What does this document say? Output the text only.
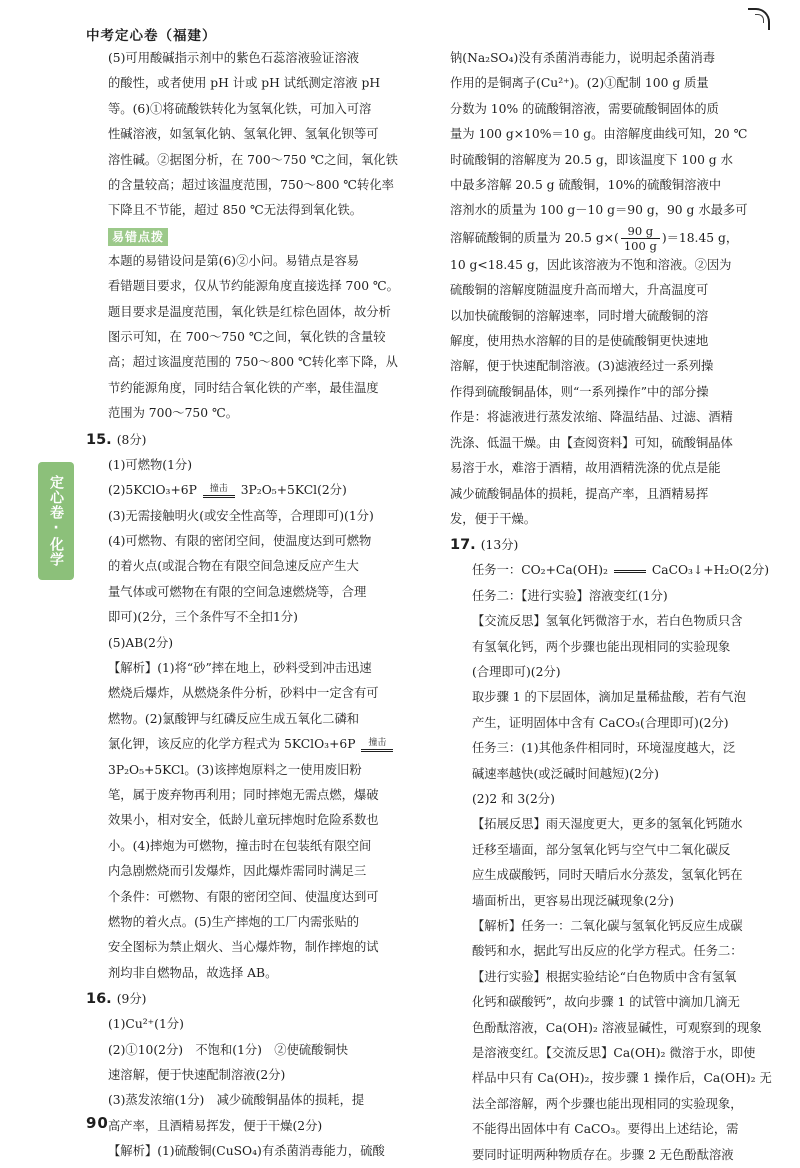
中考定心卷（福建）
定心卷·化学
(5)可用酸碱指示剂中的紫色石蕊溶液验证溶液
的酸性，或者使用 pH 计或 pH 试纸测定溶液 pH
等。(6)①将硫酸铁转化为氢氧化铁，可加入可溶
性碱溶液，如氢氧化钠、氢氧化钾、氢氧化钡等可
溶性碱。②据图分析，在 700～750 ℃之间，氧化铁
的含量较高；超过该温度范围，750～800 ℃转化率
下降且不节能，超过 850 ℃无法得到氧化铁。
易错点拨
本题的易错设问是第(6)②小问。易错点是容易
看错题目要求，仅从节约能源角度直接选择 700 ℃。
题目要求是温度范围，氧化铁是红棕色固体，故分析
图示可知，在 700～750 ℃之间，氧化铁的含量较
高；超过该温度范围的 750～800 ℃转化率下降，从
节约能源角度，同时结合氧化铁的产率，最佳温度
范围为 700～750 ℃。
15. (8分)
(1)可燃物(1分)
(2)5KClO₃+6P	撞击	3P₂O₅+5KCl(2分)
(3)无需接触明火(或安全性高等，合理即可)(1分)
(4)可燃物、有限的密闭空间，使温度达到可燃物
的着火点(或混合物在有限空间急速反应产生大
量气体或可燃物在有限的空间急速燃烧等，合理
即可)(2分，三个条件写不全扣1分)
(5)AB(2分)
【解析】(1)将“砂”摔在地上，砂料受到冲击迅速
燃烧后爆炸，从燃烧条件分析，砂料中一定含有可
燃物。(2)氯酸钾与红磷反应生成五氧化二磷和
氯化钾，该反应的化学方程式为 5KClO₃+6P	撞击
3P₂O₅+5KCl。(3)该摔炮原料之一使用废旧粉
笔，属于废弃物再利用；同时摔炮无需点燃，爆破
效果小，相对安全，低龄儿童玩摔炮时危险系数也
小。(4)摔炮为可燃物，撞击时在包装纸有限空间
内急剧燃烧而引发爆炸，因此爆炸需同时满足三
个条件：可燃物、有限的密闭空间、使温度达到可
燃物的着火点。(5)生产摔炮的工厂内需张贴的
安全图标为禁止烟火、当心爆炸物，制作摔炮的试
剂均非自燃物品，故选择 AB。
16. (9分)
(1)Cu²⁺(1分)
(2)①10(2分)　不饱和(1分)　②使硫酸铜快
速溶解，便于快速配制溶液(2分)
(3)蒸发浓缩(1分)　减少硫酸铜晶体的损耗，提
高产率，且酒精易挥发，便于干燥(2分)
【解析】(1)硫酸铜(CuSO₄)有杀菌消毒能力，硫酸
钠(Na₂SO₄)没有杀菌消毒能力，说明起杀菌消毒
作用的是铜离子(Cu²⁺)。(2)①配制 100 g 质量
分数为 10% 的硫酸铜溶液，需要硫酸铜固体的质
量为 100 g×10%＝10 g。由溶解度曲线可知，20 ℃
时硫酸铜的溶解度为 20.5 g，即该温度下 100 g 水
中最多溶解 20.5 g 硫酸铜，10%的硫酸铜溶液中
溶剂水的质量为 100 g－10 g＝90 g，90 g 水最多可
溶解硫酸铜的质量为 20.5 $g\times( \frac{90 g}{100 g} )=18.45$ g，
10 g<18.45 g，因此该溶液为不饱和溶液。②因为
硫酸铜的溶解度随温度升高而增大，升高温度可
以加快硫酸铜的溶解速率，同时增大硫酸铜的溶
解度，使用热水溶解的目的是使硫酸铜更快速地
溶解，便于快速配制溶液。(3)滤液经过一系列操
作得到硫酸铜晶体，则“一系列操作”中的部分操
作是：将滤液进行蒸发浓缩、降温结晶、过滤、酒精
洗涤、低温干燥。由【查阅资料】可知，硫酸铜晶体
易溶于水，难溶于酒精，故用酒精洗涤的优点是能
减少硫酸铜晶体的损耗，提高产率，且酒精易挥
发，便于干燥。
17. (13分)
任务一：CO₂+Ca(OH)₂	CaCO₃↓+H₂O(2分)
任务二：【进行实验】溶液变红(1分)
【交流反思】氢氧化钙微溶于水，若白色物质只含
有氢氧化钙，两个步骤也能出现相同的实验现象
(合理即可)(2分)
取步骤 1 的下层固体，滴加足量稀盐酸，若有气泡
产生，证明固体中含有 CaCO₃(合理即可)(2分)
任务三：(1)其他条件相同时，环境湿度越大，泛
碱速率越快(或泛碱时间越短)(2分)
(2)2 和 3(2分)
【拓展反思】雨天湿度更大，更多的氢氧化钙随水
迁移至墙面，部分氢氧化钙与空气中二氧化碳反
应生成碳酸钙，同时天晴后水分蒸发，氢氧化钙在
墙面析出，更容易出现泛碱现象(2分)
【解析】任务一：二氧化碳与氢氧化钙反应生成碳
酸钙和水，据此写出反应的化学方程式。任务二：
【进行实验】根据实验结论“白色物质中含有氢氧
化钙和碳酸钙”，故向步骤 1 的试管中滴加几滴无
色酚酞溶液，Ca(OH)₂ 溶液显碱性，可观察到的现象
是溶液变红。【交流反思】Ca(OH)₂ 微溶于水，即使
样品中只有 Ca(OH)₂，按步骤 1 操作后，Ca(OH)₂ 无
法全部溶解，两个步骤也能出现相同的实验现象，
不能得出固体中有 CaCO₃。要得出上述结论，需
要同时证明两种物质存在。步骤 2 无色酚酞溶液
90
